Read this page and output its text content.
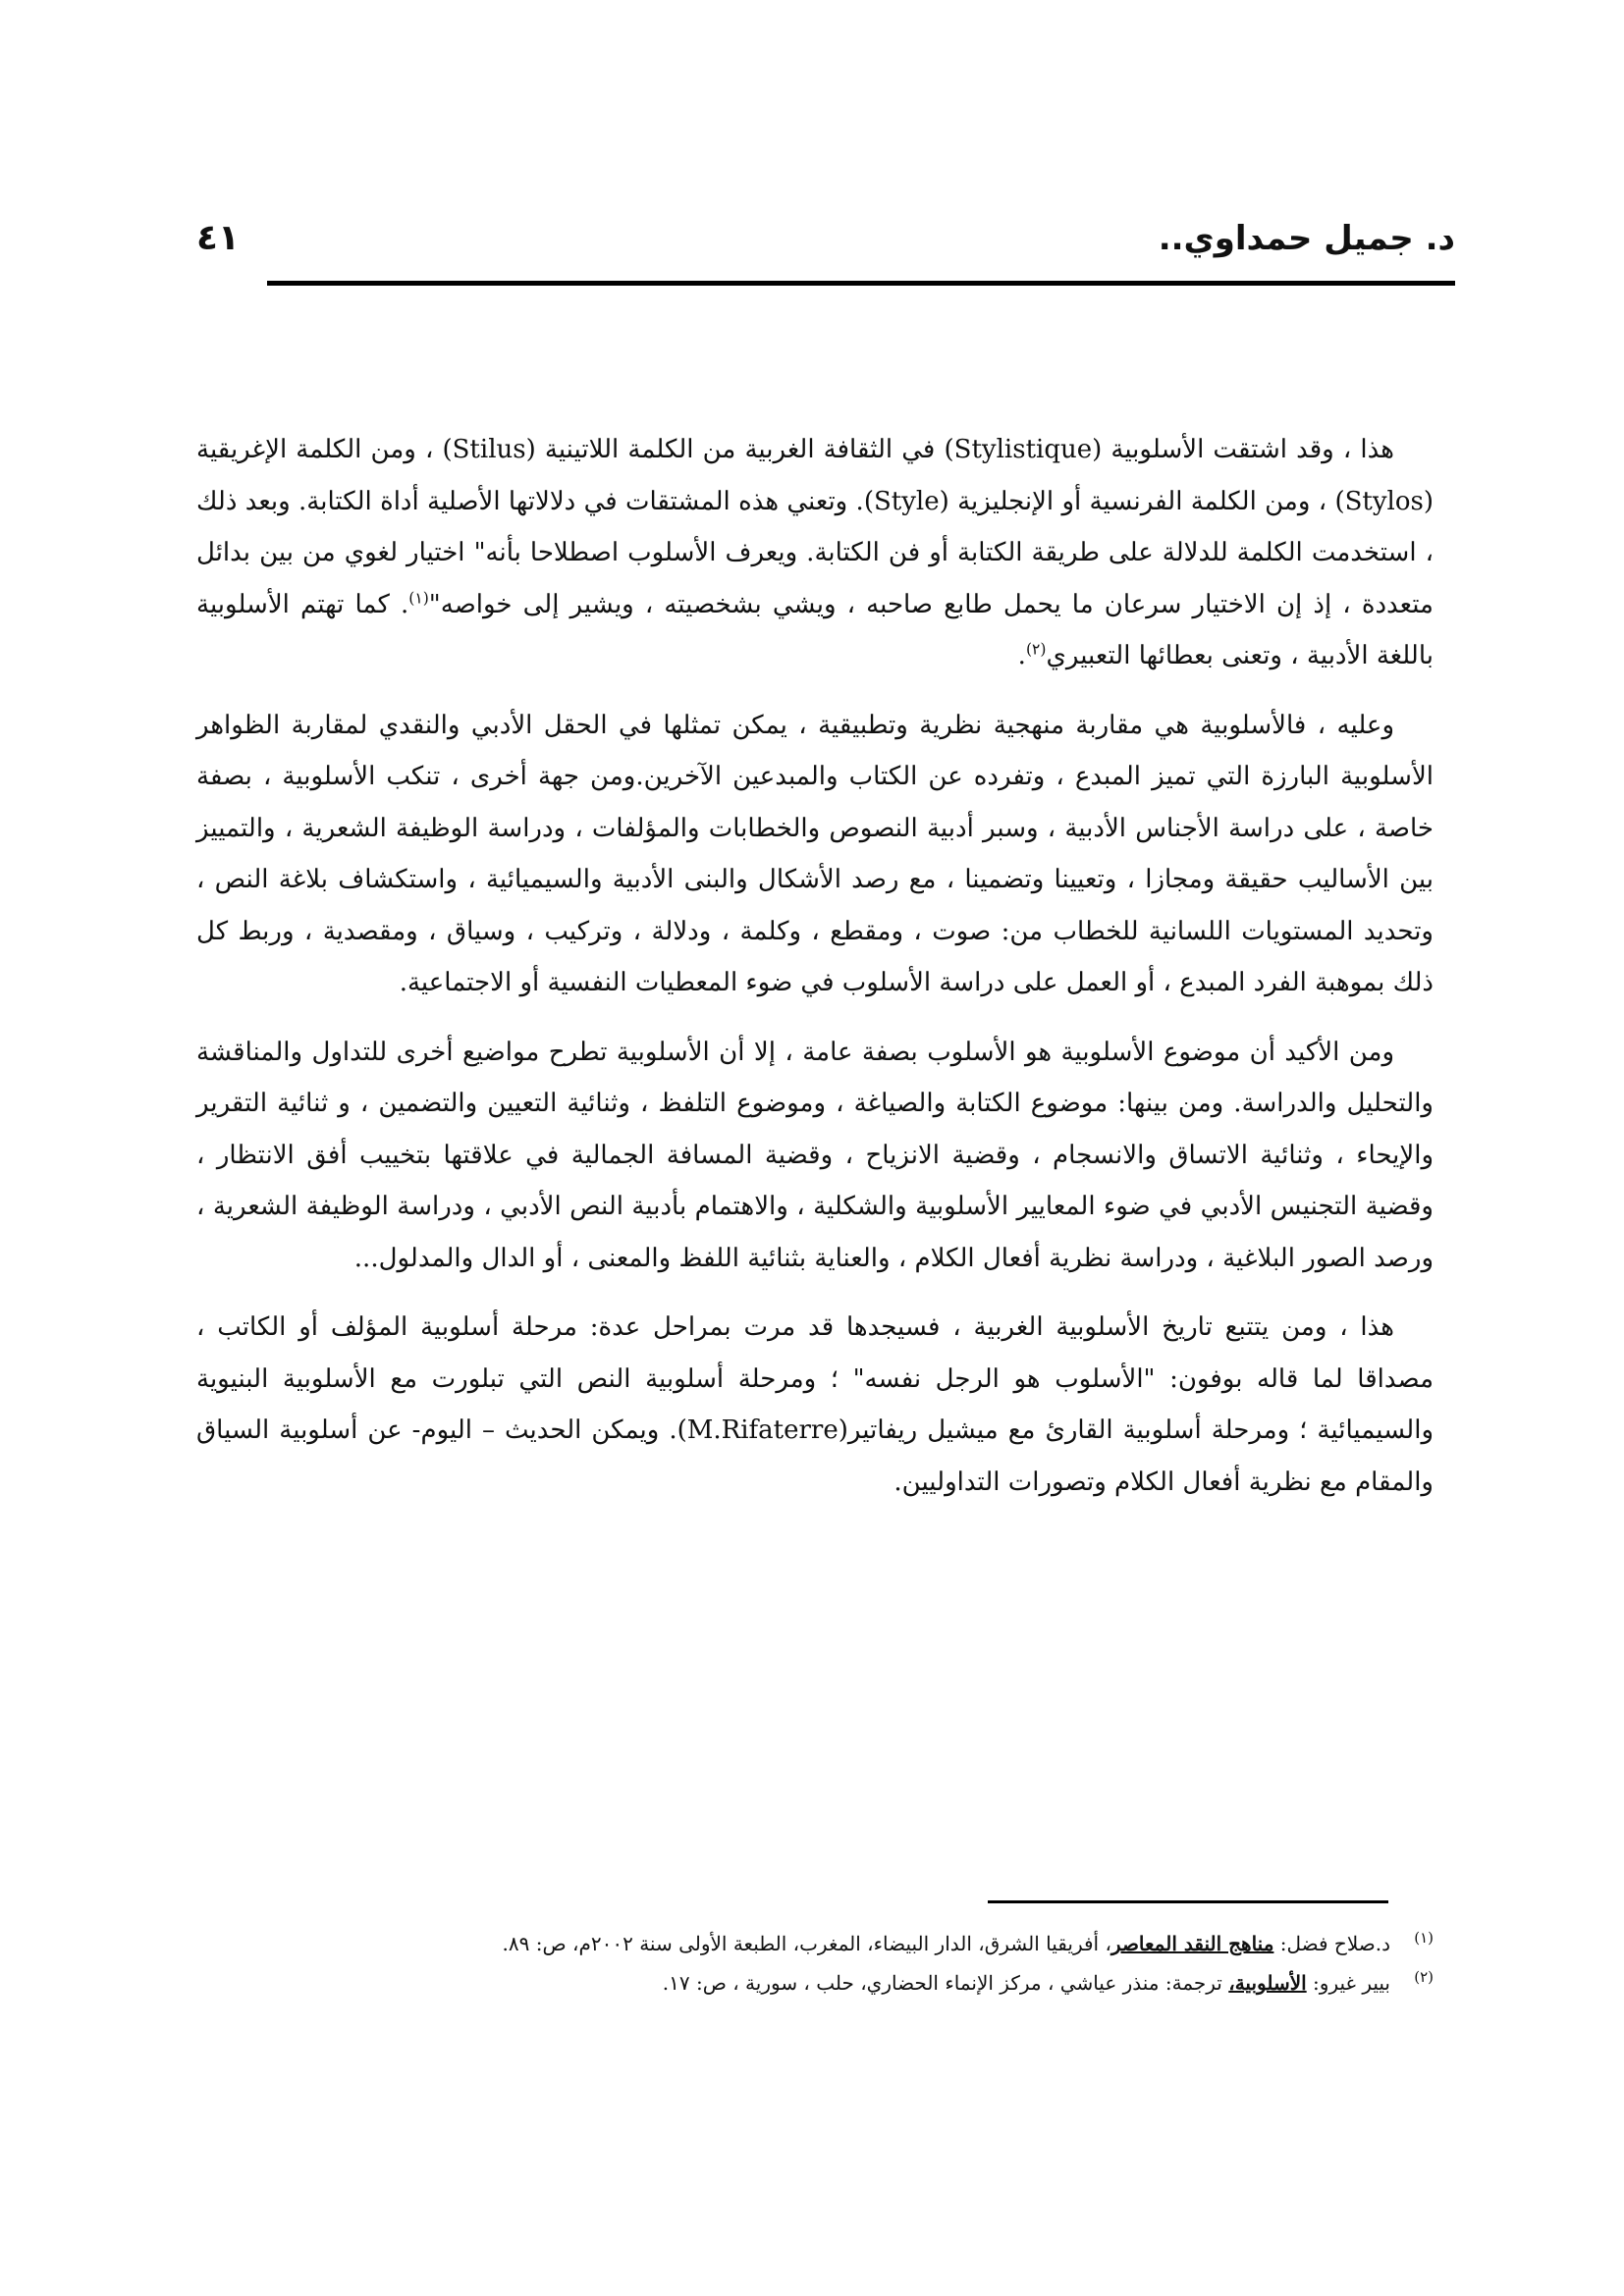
د. جميل حمداوي..
٤١

هذا ، وقد اشتقت الأسلوبية (Stylistique) في الثقافة الغربية من الكلمة اللاتينية (Stilus) ، ومن الكلمة الإغريقية (Stylos) ، ومن الكلمة الفرنسية أو الإنجليزية (Style). وتعني هذه المشتقات في دلالاتها الأصلية أداة الكتابة. وبعد ذلك ، استخدمت الكلمة للدلالة على طريقة الكتابة أو فن الكتابة. ويعرف الأسلوب اصطلاحا بأنه" اختيار لغوي من بين بدائل متعددة ، إذ إن الاختيار سرعان ما يحمل طابع صاحبه ، ويشي بشخصيته ، ويشير إلى خواصه"$^{(١)}$. كما تهتم الأسلوبية باللغة الأدبية ، وتعنى بعطائها التعبيري$^{(٢)}$.

وعليه ، فالأسلوبية هي مقاربة منهجية نظرية وتطبيقية ، يمكن تمثلها في الحقل الأدبي والنقدي لمقاربة الظواهر الأسلوبية البارزة التي تميز المبدع ، وتفرده عن الكتاب والمبدعين الآخرين.ومن جهة أخرى ، تنكب الأسلوبية ، بصفة خاصة ، على دراسة الأجناس الأدبية ، وسبر أدبية النصوص والخطابات والمؤلفات ، ودراسة الوظيفة الشعرية ، والتمييز بين الأساليب حقيقة ومجازا ، وتعيينا وتضمينا ، مع رصد الأشكال والبنى الأدبية والسيميائية ، واستكشاف بلاغة النص ، وتحديد المستويات اللسانية للخطاب من: صوت ، ومقطع ، وكلمة ، ودلالة ، وتركيب ، وسياق ، ومقصدية ، وربط كل ذلك بموهبة الفرد المبدع ، أو العمل على دراسة الأسلوب في ضوء المعطيات النفسية أو الاجتماعية.

ومن الأكيد أن موضوع الأسلوبية هو الأسلوب بصفة عامة ، إلا أن الأسلوبية تطرح مواضيع أخرى للتداول والمناقشة والتحليل والدراسة. ومن بينها: موضوع الكتابة والصياغة ، وموضوع التلفظ ، وثنائية التعيين والتضمين ، و ثنائية التقرير والإيحاء ، وثنائية الاتساق والانسجام ، وقضية الانزياح ، وقضية المسافة الجمالية في علاقتها بتخييب أفق الانتظار ، وقضية التجنيس الأدبي في ضوء المعايير الأسلوبية والشكلية ، والاهتمام بأدبية النص الأدبي ، ودراسة الوظيفة الشعرية ، ورصد الصور البلاغية ، ودراسة نظرية أفعال الكلام ، والعناية بثنائية اللفظ والمعنى ، أو الدال والمدلول...

هذا ، ومن يتتبع تاريخ الأسلوبية الغربية ، فسيجدها قد مرت بمراحل عدة: مرحلة أسلوبية المؤلف أو الكاتب ، مصداقا لما قاله بوفون: "الأسلوب هو الرجل نفسه" ؛ ومرحلة أسلوبية النص التي تبلورت مع الأسلوبية البنيوية والسيميائية ؛ ومرحلة أسلوبية القارئ مع ميشيل ريفاتير(M.Rifaterre). ويمكن الحديث – اليوم- عن أسلوبية السياق والمقام مع نظرية أفعال الكلام وتصورات التداوليين.

(١)
د.صلاح فضل: مناهج النقد المعاصر، أفريقيا الشرق، الدار البيضاء، المغرب، الطبعة الأولى سنة ٢٠٠٢م، ص: ٨٩.

(٢)
بيير غيرو: الأسلوبية، ترجمة: منذر عياشي ، مركز الإنماء الحضاري، حلب ، سورية ، ص: ١٧.
